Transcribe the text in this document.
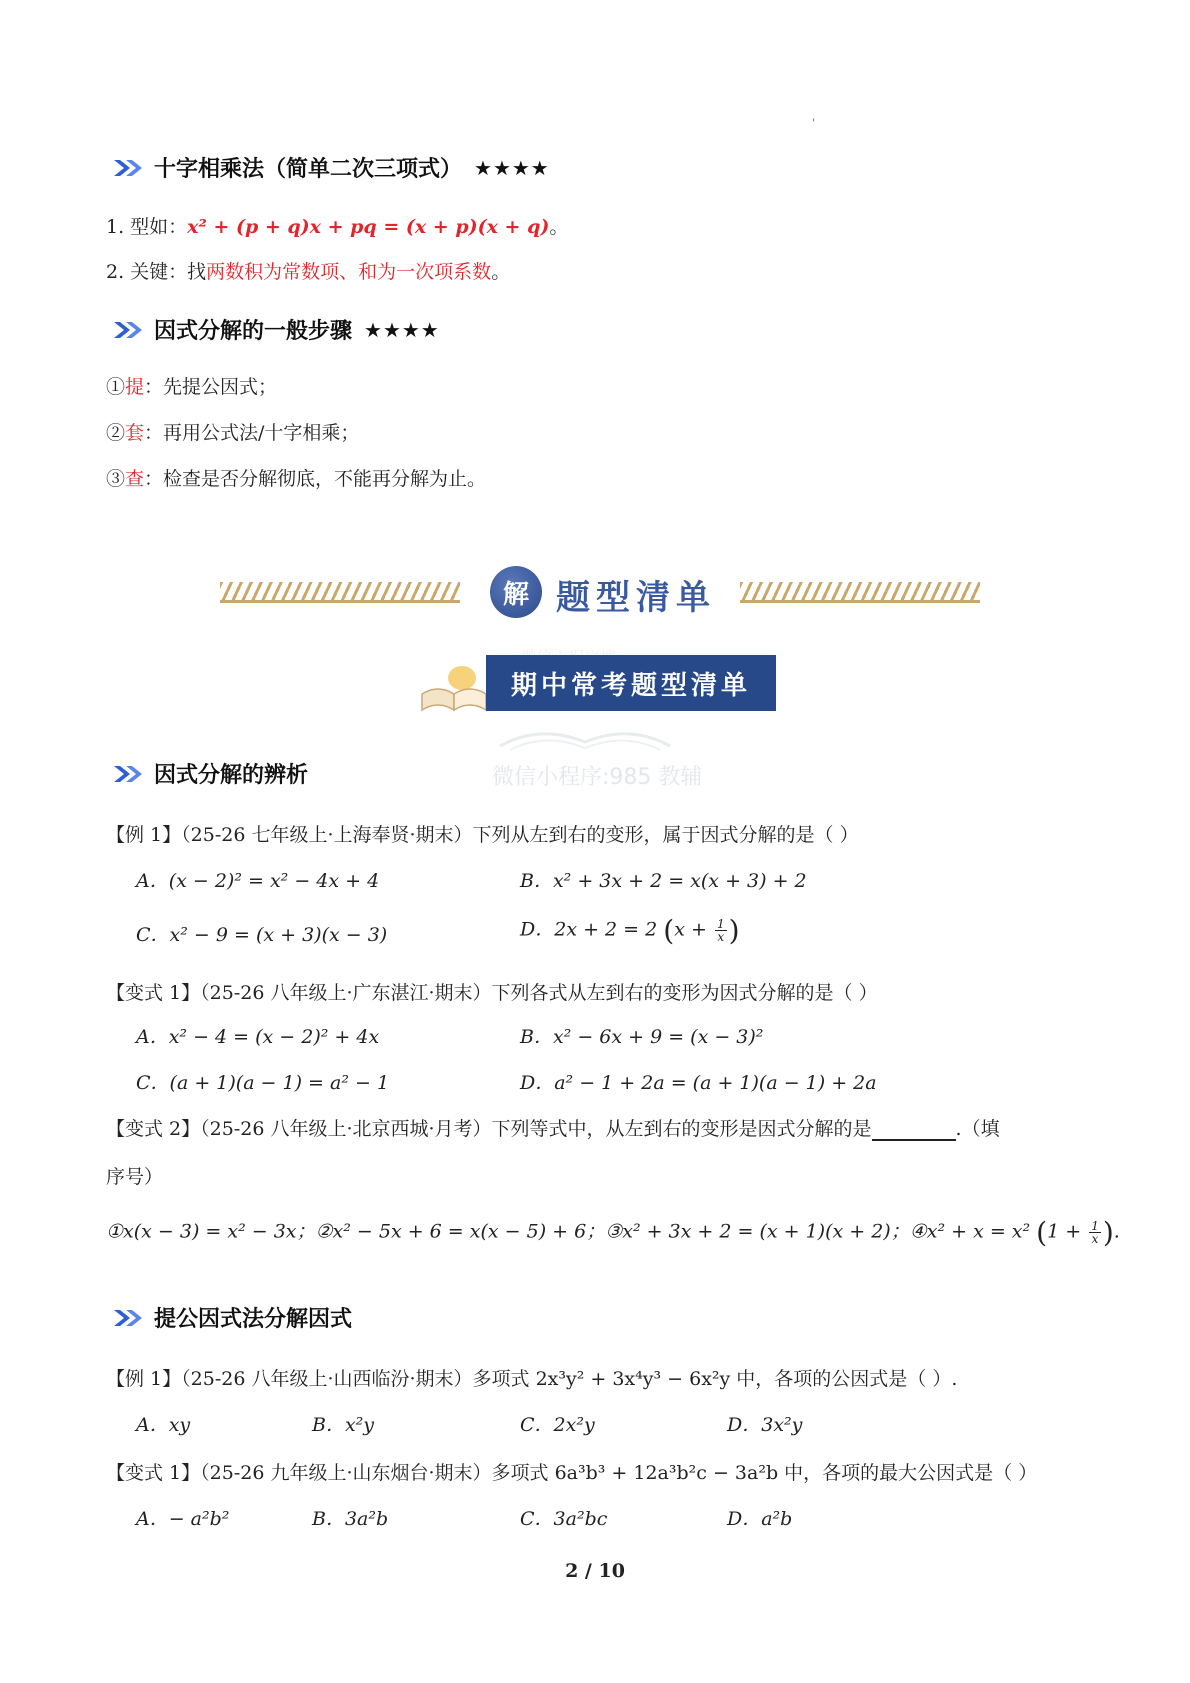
'
十字相乘法（简单二次三项式） ★★★★
1. 型如：x² + (p + q)x + pq = (x + p)(x + q)。
2. 关键：找两数积为常数项、和为一次项系数。
因式分解的一般步骤 ★★★★
①提：先提公因式；
②套：再用公式法/十字相乘；
③查：检查是否分解彻底，不能再分解为止。
解 题型清单
期中常考题型清单
微信小程序:985 教辅
因式分解的辨析
【例 1】（25-26 七年级上·上海奉贤·期末）下列从左到右的变形，属于因式分解的是（ ）
A．(x − 2)² = x² − 4x + 4	B．x² + 3x + 2 = x(x + 3) + 2
C．x² − 9 = (x + 3)(x − 3)	D．2x + 2 = 2 ($x + \frac{1}{x}$ )
【变式 1】（25-26 八年级上·广东湛江·期末）下列各式从左到右的变形为因式分解的是（ ）
A．x² − 4 = (x − 2)² + 4x	B．x² − 6x + 9 = (x − 3)²
C．(a + 1)(a − 1) = a² − 1	D．a² − 1 + 2a = (a + 1)(a − 1) + 2a
【变式 2】（25-26 八年级上·北京西城·月考）下列等式中，从左到右的变形是因式分解的是	.（填
序号）
①x(x − 3) = x² − 3x；②x² − 5x + 6 = x(x − 5) + 6；③x² + 3x + 2 = (x + 1)(x + 2)；④x² + x = x² ($1 + \frac{1}{x}$ ).
提公因式法分解因式
【例 1】（25-26 八年级上·山西临汾·期末）多项式 2x³y² + 3x⁴y³ − 6x²y 中，各项的公因式是（ ）.
A．xy	B．x²y	C．2x²y	D．3x²y
【变式 1】（25-26 九年级上·山东烟台·期末）多项式 6a³b³ + 12a³b²c − 3a²b 中，各项的最大公因式是（ ）
A．− a²b²	B．3a²b	C．3a²bc	D．a²b
2 / 10
